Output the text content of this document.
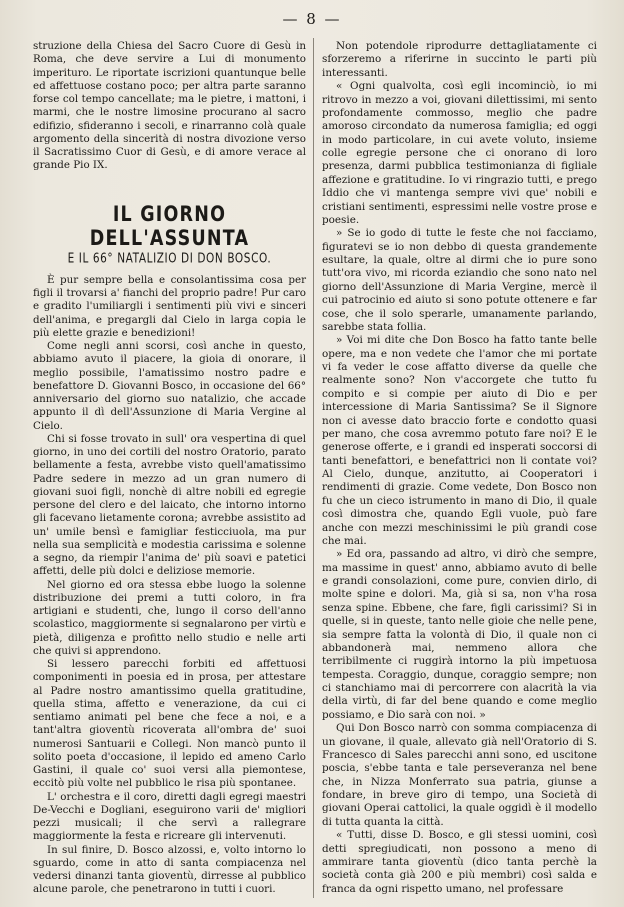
— 8 —

struzione della Chiesa del Sacro Cuore di Gesù in Roma, che deve servire a Lui di monumento imperituro. Le riportate iscrizioni quantunque belle ed affettuose costano poco; per altra parte saranno forse col tempo cancellate; ma le pietre, i mattoni, i marmi, che le nostre limosine procurano al sacro edifizio, sfideranno i secoli, e rinarranno colà quale argomento della sincerità di nostra divozione verso il Sacratissimo Cuor di Gesù, e di amore verace al grande Pio IX.

IL GIORNO DELL'ASSUNTA
E IL 66° NATALIZIO DI DON BOSCO.

È pur sempre bella e consolantissima cosa per figli il trovarsi a' fianchi del proprio padre! Pur caro e gradito l'umiliargli i sentimenti più vivi e sinceri dell'anima, e pregargli dal Cielo in larga copia le più elette grazie e benedizioni!

Come negli anni scorsi, così anche in questo, abbiamo avuto il piacere, la gioia di onorare, il meglio possibile, l'amatissimo nostro padre e benefattore D. Giovanni Bosco, in occasione del 66° anniversario del giorno suo natalizio, che accade appunto il dì dell'Assunzione di Maria Vergine al Cielo.

Chi si fosse trovato in sull' ora vespertina di quel giorno, in uno dei cortili del nostro Oratorio, parato bellamente a festa, avrebbe visto quell'amatissimo Padre sedere in mezzo ad un gran numero di giovani suoi figli, nonchè di altre nobili ed egregie persone del clero e del laicato, che intorno intorno gli facevano lietamente corona; avrebbe assistito ad un' umile bensì e famigliar festicciuola, ma pur nella sua semplicità e modestia carissima e solenne a segno, da riempir l'anima de' più soavi e patetici affetti, delle più dolci e deliziose memorie.

Nel giorno ed ora stessa ebbe luogo la solenne distribuzione dei premi a tutti coloro, in fra artigiani e studenti, che, lungo il corso dell'anno scolastico, maggiormente si segnalarono per virtù e pietà, diligenza e profitto nello studio e nelle arti che quivi si apprendono.

Si lessero parecchi forbiti ed affettuosi componimenti in poesia ed in prosa, per attestare al Padre nostro amantissimo quella gratitudine, quella stima, affetto e venerazione, da cui ci sentiamo animati pel bene che fece a noi, e a tant'altra gioventù ricoverata all'ombra de' suoi numerosi Santuarii e Collegi. Non mancò punto il solito poeta d'occasione, il lepido ed ameno Carlo Gastini, il quale co' suoi versi alla piemontese, eccitò più volte nel pubblico le risa più spontanee.

L' orchestra e il coro, diretti dagli egregi maestri De-Vecchi e Dogliani, eseguirono varii de' migliori pezzi musicali; il che servì a rallegrare maggiormente la festa e ricreare gli intervenuti.

In sul finire, D. Bosco alzossi, e, volto intorno lo sguardo, come in atto di santa compiacenza nel vedersi dinanzi tanta gioventù, dirresse al pubblico alcune parole, che penetrarono in tutti i cuori.

Non potendole riprodurre dettagliatamente ci sforzeremo a riferirne in succinto le parti più interessanti.

« Ogni qualvolta, così egli incominciò, io mi ritrovo in mezzo a voi, giovani dilettissimi, mi sento profondamente commosso, meglio che padre amoroso circondato da numerosa famiglia; ed oggi in modo particolare, in cui avete voluto, insieme colle egregie persone che ci onorano di loro presenza, darmi pubblica testimonianza di figliale affezione e gratitudine. Io vi ringrazio tutti, e prego Iddio che vi mantenga sempre vivi que' nobili e cristiani sentimenti, espressimi nelle vostre prose e poesie.

» Se io godo di tutte le feste che noi facciamo, figuratevi se io non debbo di questa grandemente esultare, la quale, oltre al dirmi che io pure sono tutt'ora vivo, mi ricorda eziandio che sono nato nel giorno dell'Assunzione di Maria Vergine, mercè il cui patrocinio ed aiuto si sono potute ottenere e far cose, che il solo sperarle, umanamente parlando, sarebbe stata follia.

» Voi mi dite che Don Bosco ha fatto tante belle opere, ma e non vedete che l'amor che mi portate vi fa veder le cose affatto diverse da quelle che realmente sono? Non v'accorgete che tutto fu compito e si compie per aiuto di Dio e per intercessione di Maria Santissima? Se il Signore non ci avesse dato braccio forte e condotto quasi per mano, che cosa avremmo potuto fare noi? E le generose offerte, e i grandi ed insperati soccorsi di tanti benefattori, e benefattrici non li contate voi? Al Cielo, dunque, anzitutto, ai Cooperatori i rendimenti di grazie. Come vedete, Don Bosco non fu che un cieco istrumento in mano di Dio, il quale così dimostra che, quando Egli vuole, può fare anche con mezzi meschinissimi le più grandi cose che mai.

» Ed ora, passando ad altro, vi dirò che sempre, ma massime in quest' anno, abbiamo avuto di belle e grandi consolazioni, come pure, convien dirlo, di molte spine e dolori. Ma, già si sa, non v'ha rosa senza spine. Ebbene, che fare, figli carissimi? Si in quelle, si in queste, tanto nelle gioie che nelle pene, sia sempre fatta la volontà di Dio, il quale non ci abbandonerà mai, nemmeno allora che terribilmente ci ruggirà intorno la più impetuosa tempesta. Coraggio, dunque, coraggio sempre; non ci stanchiamo mai di percorrere con alacrità la via della virtù, di far del bene quando e come meglio possiamo, e Dio sarà con noi. »

Qui Don Bosco narrò con somma compiacenza di un giovane, il quale, allevato già nell'Oratorio di S. Francesco di Sales parecchi anni sono, ed uscitone poscia, s'ebbe tanta e tale perseveranza nel bene che, in Nizza Monferrato sua patria, giunse a fondare, in breve giro di tempo, una Società di giovani Operai cattolici, la quale oggidì è il modello di tutta quanta la città.

« Tutti, disse D. Bosco, e gli stessi uomini, così detti spregiudicati, non possono a meno di ammirare tanta gioventù (dico tanta perchè la società conta già 200 e più membri) così salda e franca da ogni rispetto umano, nel professare
